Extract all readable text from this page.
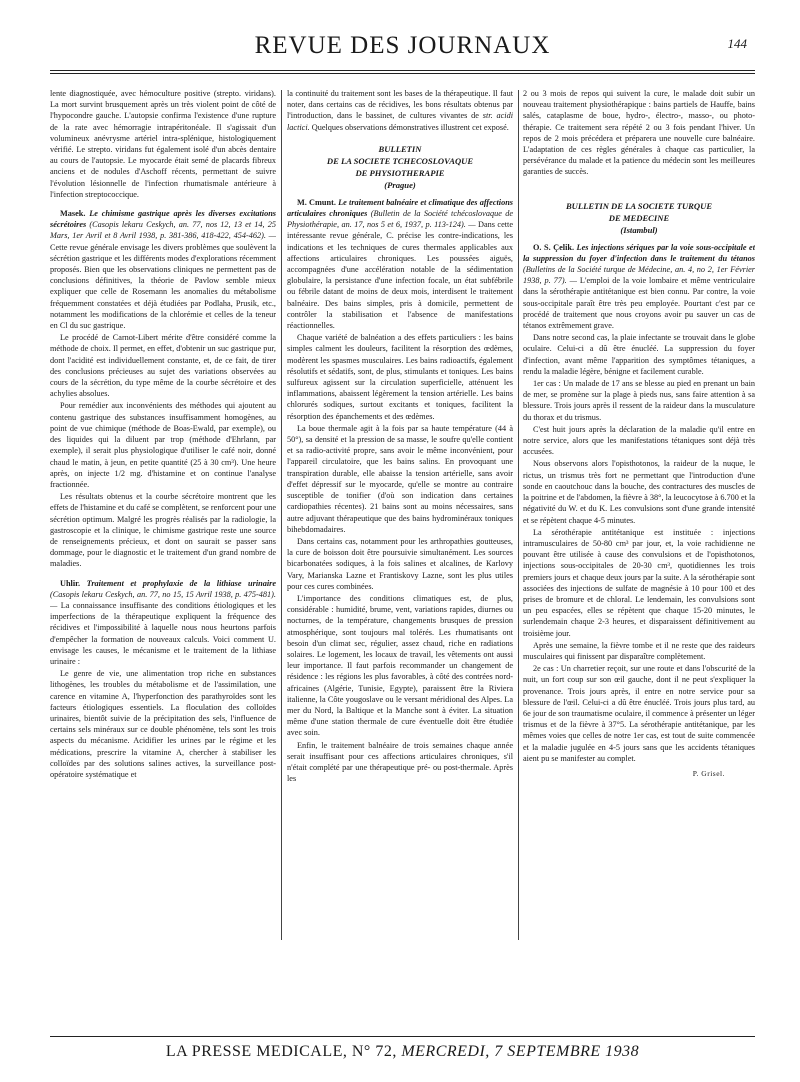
REVUE DES JOURNAUX	144

lente diagnostiquée, avec hémoculture positive (strepto. viridans). La mort survint brusquement après un très violent point de côté de l'hypocondre gauche. L'autopsie confirma l'existence d'une rupture de la rate avec hémorragie intrapéritonéale. Il s'agissait d'un volumineux anévrysme artériel intra-splénique, histologiquement vérifié. Le strepto. viridans fut également isolé d'un abcès dentaire au cours de l'autopsie. Le myocarde était semé de placards fibreux anciens et de nodules d'Aschoff récents, permettant de suivre l'évolution lésionnelle de l'infection rhumatismale antérieure à l'infection streptococcique.

Masek. Le chimisme gastrique après les diverses excitations sécrétoires (Casopis lekaru Ceskych, an. 77, nos 12, 13 et 14, 25 Mars, 1er Avril et 8 Avril 1938, p. 381-386, 418-422, 454-462). — Cette revue générale envisage les divers problèmes que soulèvent la sécrétion gastrique et les différents modes d'explorations récemment proposés. Bien que les observations cliniques ne permettent pas de conclusions définitives, la théorie de Pavlow semble mieux expliquer que celle de Rosemann les anomalies du métabolisme fréquemment constatées et déjà étudiées par Podlaha, Prusik, etc., notamment les modifications de la chlorémie et celles de la teneur en Cl du suc gastrique.

Le procédé de Carnot-Libert mérite d'être considéré comme la méthode de choix. Il permet, en effet, d'obtenir un suc gastrique pur, dont l'acidité est individuellement constante, et, de ce fait, de tirer des conclusions précieuses au sujet des variations observées au cours de la sécrétion, du type même de la courbe sécrétoire et des achylies absolues.

Pour remédier aux inconvénients des méthodes qui ajoutent au contenu gastrique des substances insuffisamment homogènes, au point de vue chimique (méthode de Boas-Ewald, par exemple), ou des liquides qui la diluent par trop (méthode d'Ehrlann, par exemple), il serait plus physiologique d'utiliser le café noir, donné chaud le matin, à jeun, en petite quantité (25 à 30 cm³). Une heure après, on injecte 1/2 mg. d'histamine et on continue l'analyse fractionnée.

Les résultats obtenus et la courbe sécrétoire montrent que les effets de l'histamine et du café se complètent, se renforcent pour une sécrétion optimum. Malgré les progrès réalisés par la radiologie, la gastroscopie et la clinique, le chimisme gastrique reste une source de renseignements précieux, et dont on saurait se passer sans dommage, pour le diagnostic et le traitement d'un grand nombre de maladies.

Uhlir. Traitement et prophylaxie de la lithiase urinaire (Casopis lekaru Ceskych, an. 77, no 15, 15 Avril 1938, p. 475-481). — La connaissance insuffisante des conditions étiologiques et les imperfections de la thérapeutique expliquent la fréquence des récidives et l'impossibilité à laquelle nous nous heurtons parfois d'empêcher la formation de nouveaux calculs. Voici comment U. envisage les causes, le mécanisme et le traitement de la lithiase urinaire :

Le genre de vie, une alimentation trop riche en substances lithogènes, les troubles du métabolisme et de l'assimilation, une carence en vitamine A, l'hyperfonction des parathyroïdes sont les facteurs étiologiques essentiels. La floculation des colloïdes urinaires, bientôt suivie de la précipitation des sels, l'influence de certains sels minéraux sur ce double phénomène, tels sont les trois aspects du mécanisme. Acidifier les urines par le régime et les médications, prescrire la vitamine A, chercher à stabiliser les colloïdes par des solutions salines actives, la surveillance post-opératoire systématique et

la continuité du traitement sont les bases de la thérapeutique. Il faut noter, dans certains cas de récidives, les bons résultats obtenus par l'introduction, dans le bassinet, de cultures vivantes de str. acidi lactici. Quelques observations démonstratives illustrent cet exposé.

BULLETIN
DE LA SOCIETE TCHECOSLOVAQUE
DE PHYSIOTHERAPIE
(Prague)

M. Cmunt. Le traitement balnéaire et climatique des affections articulaires chroniques (Bulletin de la Société tchécoslovaque de Physiothérapie, an. 17, nos 5 et 6, 1937, p. 113-124). — Dans cette intéressante revue générale, C. précise les contre-indications, les indications et les techniques de cures thermales applicables aux affections articulaires chroniques. Les poussées aiguës, accompagnées d'une accélération notable de la sédimentation globulaire, la persistance d'une infection focale, un état subfébrile ou fébrile datant de moins de deux mois, interdisent le traitement balnéaire. Des bains simples, pris à domicile, permettent de contrôler la stabilisation et l'absence de manifestations réactionnelles.

Chaque variété de balnéation a des effets particuliers : les bains simples calment les douleurs, facilitent la résorption des œdèmes, modèrent les spasmes musculaires. Les bains radioactifs, également résolutifs et sédatifs, sont, de plus, stimulants et toniques. Les bains sulfureux agissent sur la circulation superficielle, atténuent les inflammations, abaissent légèrement la tension artérielle. Les bains chlorurés sodiques, surtout excitants et toniques, facilitent la résorption des épanchements et des œdèmes.

La boue thermale agit à la fois par sa haute température (44 à 50°), sa densité et la pression de sa masse, le soufre qu'elle contient et sa radio-activité propre, sans avoir le même inconvénient, pour l'appareil circulatoire, que les bains salins. En provoquant une transpiration durable, elle abaisse la tension artérielle, sans avoir d'effet dépressif sur le myocarde, qu'elle se montre au contraire susceptible de tonifier (d'où son indication dans certaines cardiopathies récentes). 21 bains sont au moins nécessaires, sans autre adjuvant thérapeutique que des bains hydrominéraux toniques bihebdomadaires.

Dans certains cas, notamment pour les arthropathies goutteuses, la cure de boisson doit être poursuivie simultanément. Les sources bicarbonatées sodiques, à la fois salines et alcalines, de Karlovy Vary, Marianska Lazne et Frantiskovy Lazne, sont les plus utiles pour ces cures combinées.

L'importance des conditions climatiques est, de plus, considérable : humidité, brume, vent, variations rapides, diurnes ou nocturnes, de la température, changements brusques de pression atmosphérique, sont toujours mal tolérés. Les rhumatisants ont besoin d'un climat sec, régulier, assez chaud, riche en radiations solaires. Le logement, les locaux de travail, les vêtements ont aussi leur importance. Il faut parfois recommander un changement de résidence : les régions les plus favorables, à côté des contrées nord-africaines (Algérie, Tunisie, Egypte), paraissent être la Riviera italienne, la Côte yougoslave ou le versant méridional des Alpes. La mer du Nord, la Baltique et la Manche sont à éviter. La situation même d'une station thermale de cure éventuelle doit être étudiée avec soin.

Enfin, le traitement balnéaire de trois semaines chaque année serait insuffisant pour ces affections articulaires chroniques, s'il n'était complété par une thérapeutique pré- ou post-thermale. Après les

2 ou 3 mois de repos qui suivent la cure, le malade doit subir un nouveau traitement physiothérapique : bains partiels de Hauffe, bains salés, cataplasme de boue, hydro-, électro-, masso-, ou photo-thérapie. Ce traitement sera répété 2 ou 3 fois pendant l'hiver. Un repos de 2 mois précédera et préparera une nouvelle cure balnéaire. L'adaptation de ces règles générales à chaque cas particulier, la persévérance du malade et la patience du médecin sont les meilleures garanties de succès.

BULLETIN DE LA SOCIETE TURQUE
DE MEDECINE
(Istambul)

O. S. Çelik. Les injections sériques par la voie sous-occipitale et la suppression du foyer d'infection dans le traitement du tétanos (Bulletins de la Société turque de Médecine, an. 4, no 2, 1er Février 1938, p. 77). — L'emploi de la voie lombaire et même ventriculaire dans la sérothérapie antitétanique est bien connu. Par contre, la voie sous-occipitale paraît être très peu employée. Pourtant c'est par ce procédé de traitement que nous croyons avoir pu sauver un cas de tétanos extrêmement grave.

Dans notre second cas, la plaie infectante se trouvait dans le globe oculaire. Celui-ci a dû être énucléé. La suppression du foyer d'infection, avant même l'apparition des symptômes tétaniques, a rendu la maladie légère, bénigne et facilement curable.

1er cas : Un malade de 17 ans se blesse au pied en prenant un bain de mer, se promène sur la plage à pieds nus, sans faire attention à sa blessure. Trois jours après il ressent de la raideur dans la musculature du thorax et du trismus.

C'est huit jours après la déclaration de la maladie qu'il entre en notre service, alors que les manifestations tétaniques sont déjà très accusées.

Nous observons alors l'opisthotonos, la raideur de la nuque, le rictus, un trismus très fort ne permettant que l'introduction d'une sonde en caoutchouc dans la bouche, des contractures des muscles de la poitrine et de l'abdomen, la fièvre à 38°, la leucocytose à 6.700 et la négativité du W. et du K. Les convulsions sont d'une grande intensité et se répètent chaque 4-5 minutes.

La sérothérapie antitétanique est instituée : injections intramusculaires de 50-80 cm³ par jour, et, la voie rachidienne ne pouvant être utilisée à cause des convulsions et de l'opisthotonos, injections sous-occipitales de 20-30 cm³, quotidiennes les trois premiers jours et chaque deux jours par la suite. A la sérothérapie sont associées des injections de sulfate de magnésie à 10 pour 100 et des prises de bromure et de chloral. Le lendemain, les convulsions sont un peu espacées, elles se répètent que chaque 15-20 minutes, le surlendemain chaque 2-3 heures, et disparaissent définitivement au troisième jour.

Après une semaine, la fièvre tombe et il ne reste que des raideurs musculaires qui finissent par disparaître complètement.

2e cas : Un charretier reçoit, sur une route et dans l'obscurité de la nuit, un fort coup sur son œil gauche, dont il ne peut s'expliquer la provenance. Trois jours après, il entre en notre service pour sa blessure de l'œil. Celui-ci a dû être énucléé. Trois jours plus tard, au 6e jour de son traumatisme oculaire, il commence à présenter un léger trismus et de la fièvre à 37°5. La sérothérapie antitétanique, par les mêmes voies que celles de notre 1er cas, est tout de suite commencée et la maladie jugulée en 4-5 jours sans que les accidents tétaniques aient pu se manifester au complet.

P. Grisel.
LA PRESSE MEDICALE, N° 72, MERCREDI, 7 SEPTEMBRE 1938
